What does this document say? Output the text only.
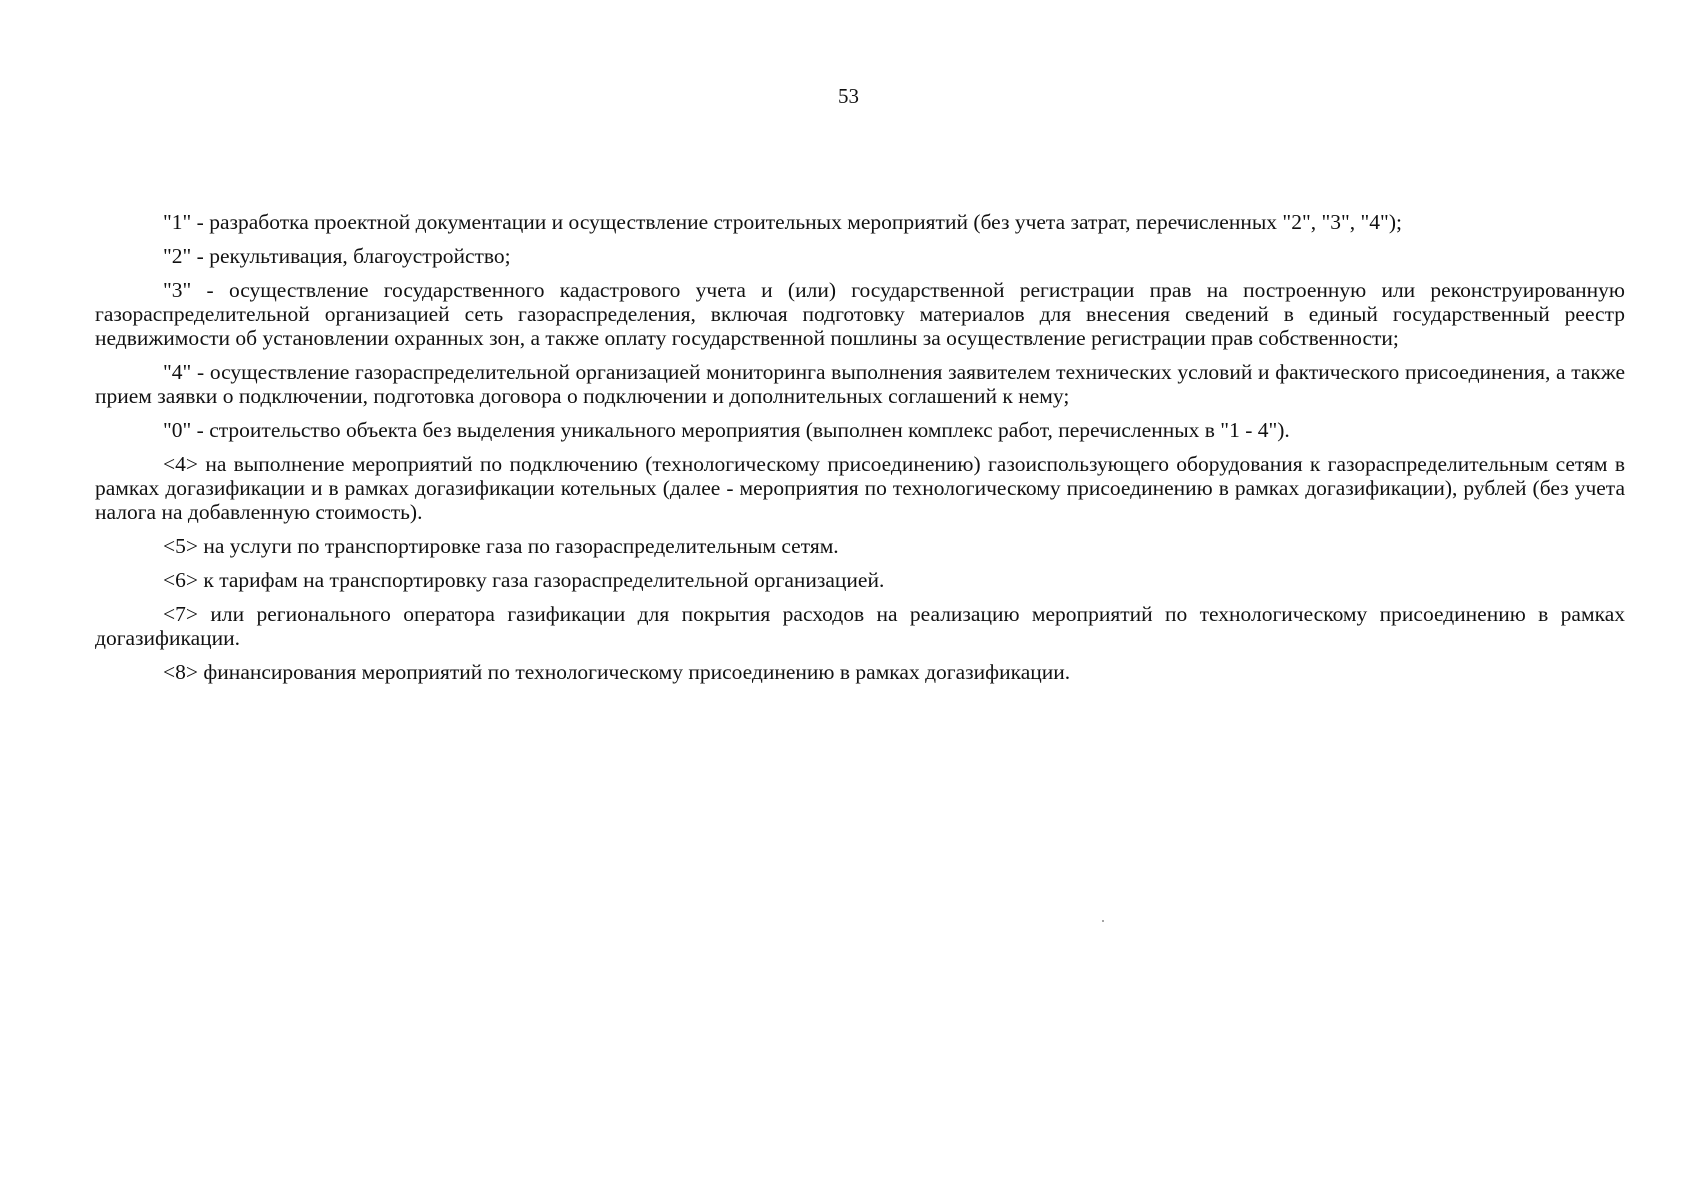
53

"1" - разработка проектной документации и осуществление строительных мероприятий (без учета затрат, перечисленных "2", "3", "4");

"2" - рекультивация, благоустройство;

"3" - осуществление государственного кадастрового учета и (или) государственной регистрации прав на построенную или реконструированную газораспределительной организацией сеть газораспределения, включая подготовку материалов для внесения сведений в единый государственный реестр недвижимости об установлении охранных зон, а также оплату государственной пошлины за осуществление регистрации прав собственности;

"4" - осуществление газораспределительной организацией мониторинга выполнения заявителем технических условий и фактического присоединения, а также прием заявки о подключении, подготовка договора о подключении и дополнительных соглашений к нему;

"0" - строительство объекта без выделения уникального мероприятия (выполнен комплекс работ, перечисленных в "1 - 4").

<4> на выполнение мероприятий по подключению (технологическому присоединению) газоиспользующего оборудования к газораспределительным сетям в рамках догазификации и в рамках догазификации котельных (далее - мероприятия по технологическому присоединению в рамках догазификации), рублей (без учета налога на добавленную стоимость).

<5> на услуги по транспортировке газа по газораспределительным сетям.

<6> к тарифам на транспортировку газа газораспределительной организацией.

<7> или регионального оператора газификации для покрытия расходов на реализацию мероприятий по технологическому присоединению в рамках догазификации.

<8> финансирования мероприятий по технологическому присоединению в рамках догазификации.
